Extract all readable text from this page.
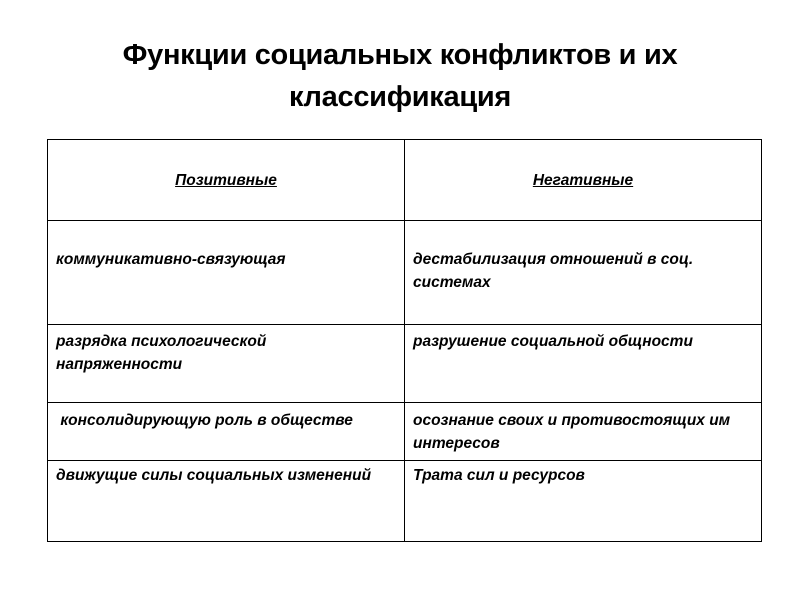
Функции социальных конфликтов и их классификация
Позитивные	Негативные
коммуникативно-связующая	дестабилизация отношений в соц. системах
разрядка психологической напряженности	разрушение социальной общности
консолидирующую роль в обществе	осознание своих и противостоящих им интересов
движущие силы социальных изменений	Трата сил и ресурсов
